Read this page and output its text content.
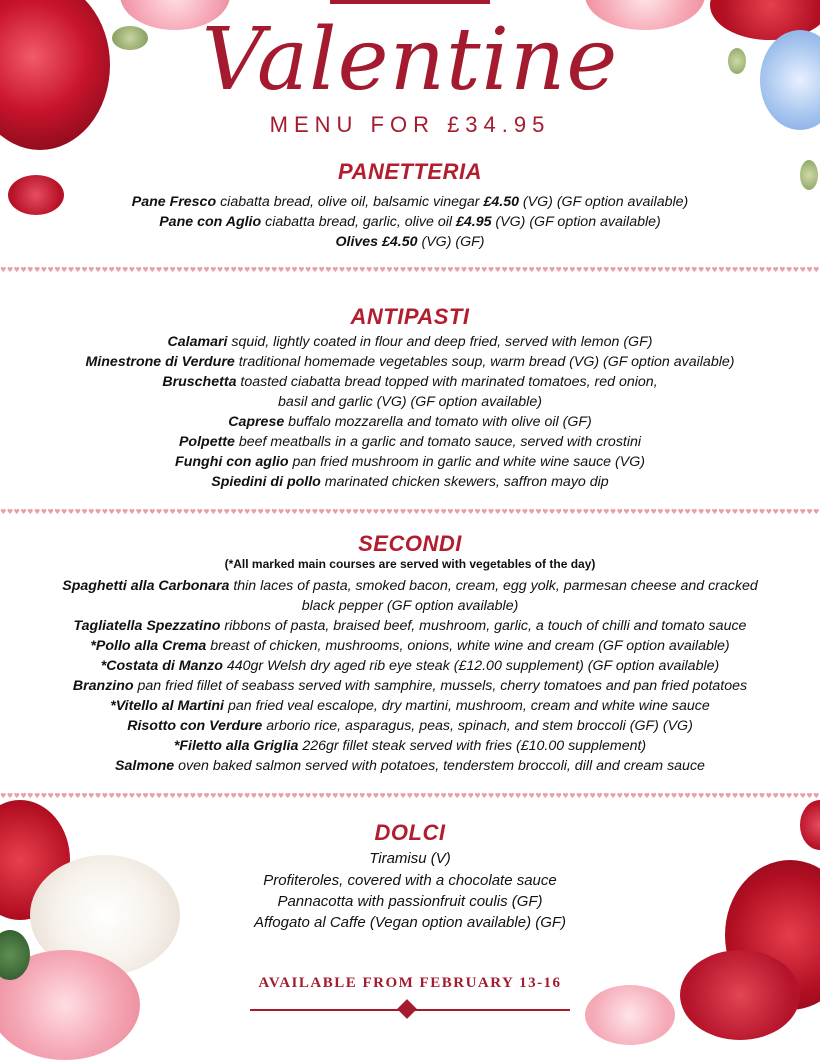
Valentine
MENU FOR £34.95
PANETTERIA
Pane Fresco ciabatta bread, olive oil, balsamic vinegar £4.50 (VG) (GF option available)
Pane con Aglio ciabatta bread, garlic, olive oil £4.95 (VG) (GF option available)
Olives £4.50 (VG) (GF)
♥♥♥♥♥♥♥♥♥♥♥♥♥♥♥♥♥♥♥♥♥♥♥♥♥♥♥♥♥♥♥♥♥♥♥♥♥♥♥♥♥♥♥♥♥♥♥♥♥♥♥♥♥♥♥♥♥♥♥♥♥♥♥♥♥♥♥♥♥♥♥♥♥♥♥♥♥♥♥♥♥♥♥♥♥♥♥♥♥♥♥♥♥♥♥♥♥♥♥♥♥♥♥♥♥♥♥♥♥♥♥♥♥♥♥♥♥♥♥♥♥
ANTIPASTI
Calamari squid, lightly coated in flour and deep fried, served with lemon (GF)
Minestrone di Verdure traditional homemade vegetables soup, warm bread (VG) (GF option available)
Bruschetta toasted ciabatta bread topped with marinated tomatoes, red onion,
basil and garlic (VG) (GF option available)
Caprese buffalo mozzarella and tomato with olive oil (GF)
Polpette beef meatballs in a garlic and tomato sauce, served with crostini
Funghi con aglio pan fried mushroom in garlic and white wine sauce (VG)
Spiedini di pollo marinated chicken skewers, saffron mayo dip
♥♥♥♥♥♥♥♥♥♥♥♥♥♥♥♥♥♥♥♥♥♥♥♥♥♥♥♥♥♥♥♥♥♥♥♥♥♥♥♥♥♥♥♥♥♥♥♥♥♥♥♥♥♥♥♥♥♥♥♥♥♥♥♥♥♥♥♥♥♥♥♥♥♥♥♥♥♥♥♥♥♥♥♥♥♥♥♥♥♥♥♥♥♥♥♥♥♥♥♥♥♥♥♥♥♥♥♥♥♥♥♥♥♥♥♥♥♥♥♥♥
SECONDI
(*All marked main courses are served with vegetables of the day)
Spaghetti alla Carbonara thin laces of pasta, smoked bacon, cream, egg yolk, parmesan cheese and cracked
black pepper (GF option available)
Tagliatella Spezzatino ribbons of pasta, braised beef, mushroom, garlic, a touch of chilli and tomato sauce
*Pollo alla Crema breast of chicken, mushrooms, onions, white wine and cream (GF option available)
*Costata di Manzo 440gr Welsh dry aged rib eye steak (£12.00 supplement) (GF option available)
Branzino pan fried fillet of seabass served with samphire, mussels, cherry tomatoes and pan fried potatoes
*Vitello al Martini pan fried veal escalope, dry martini, mushroom, cream and white wine sauce
Risotto con Verdure arborio rice, asparagus, peas, spinach, and stem broccoli (GF) (VG)
*Filetto alla Griglia 226gr fillet steak served with fries (£10.00 supplement)
Salmone oven baked salmon served with potatoes, tenderstem broccoli, dill and cream sauce
♥♥♥♥♥♥♥♥♥♥♥♥♥♥♥♥♥♥♥♥♥♥♥♥♥♥♥♥♥♥♥♥♥♥♥♥♥♥♥♥♥♥♥♥♥♥♥♥♥♥♥♥♥♥♥♥♥♥♥♥♥♥♥♥♥♥♥♥♥♥♥♥♥♥♥♥♥♥♥♥♥♥♥♥♥♥♥♥♥♥♥♥♥♥♥♥♥♥♥♥♥♥♥♥♥♥♥♥♥♥♥♥♥♥♥♥♥♥♥♥♥
DOLCI
Tiramisu (V)
Profiteroles, covered with a chocolate sauce
Pannacotta with passionfruit coulis (GF)
Affogato al Caffe (Vegan option available) (GF)
AVAILABLE FROM FEBRUARY 13-16
